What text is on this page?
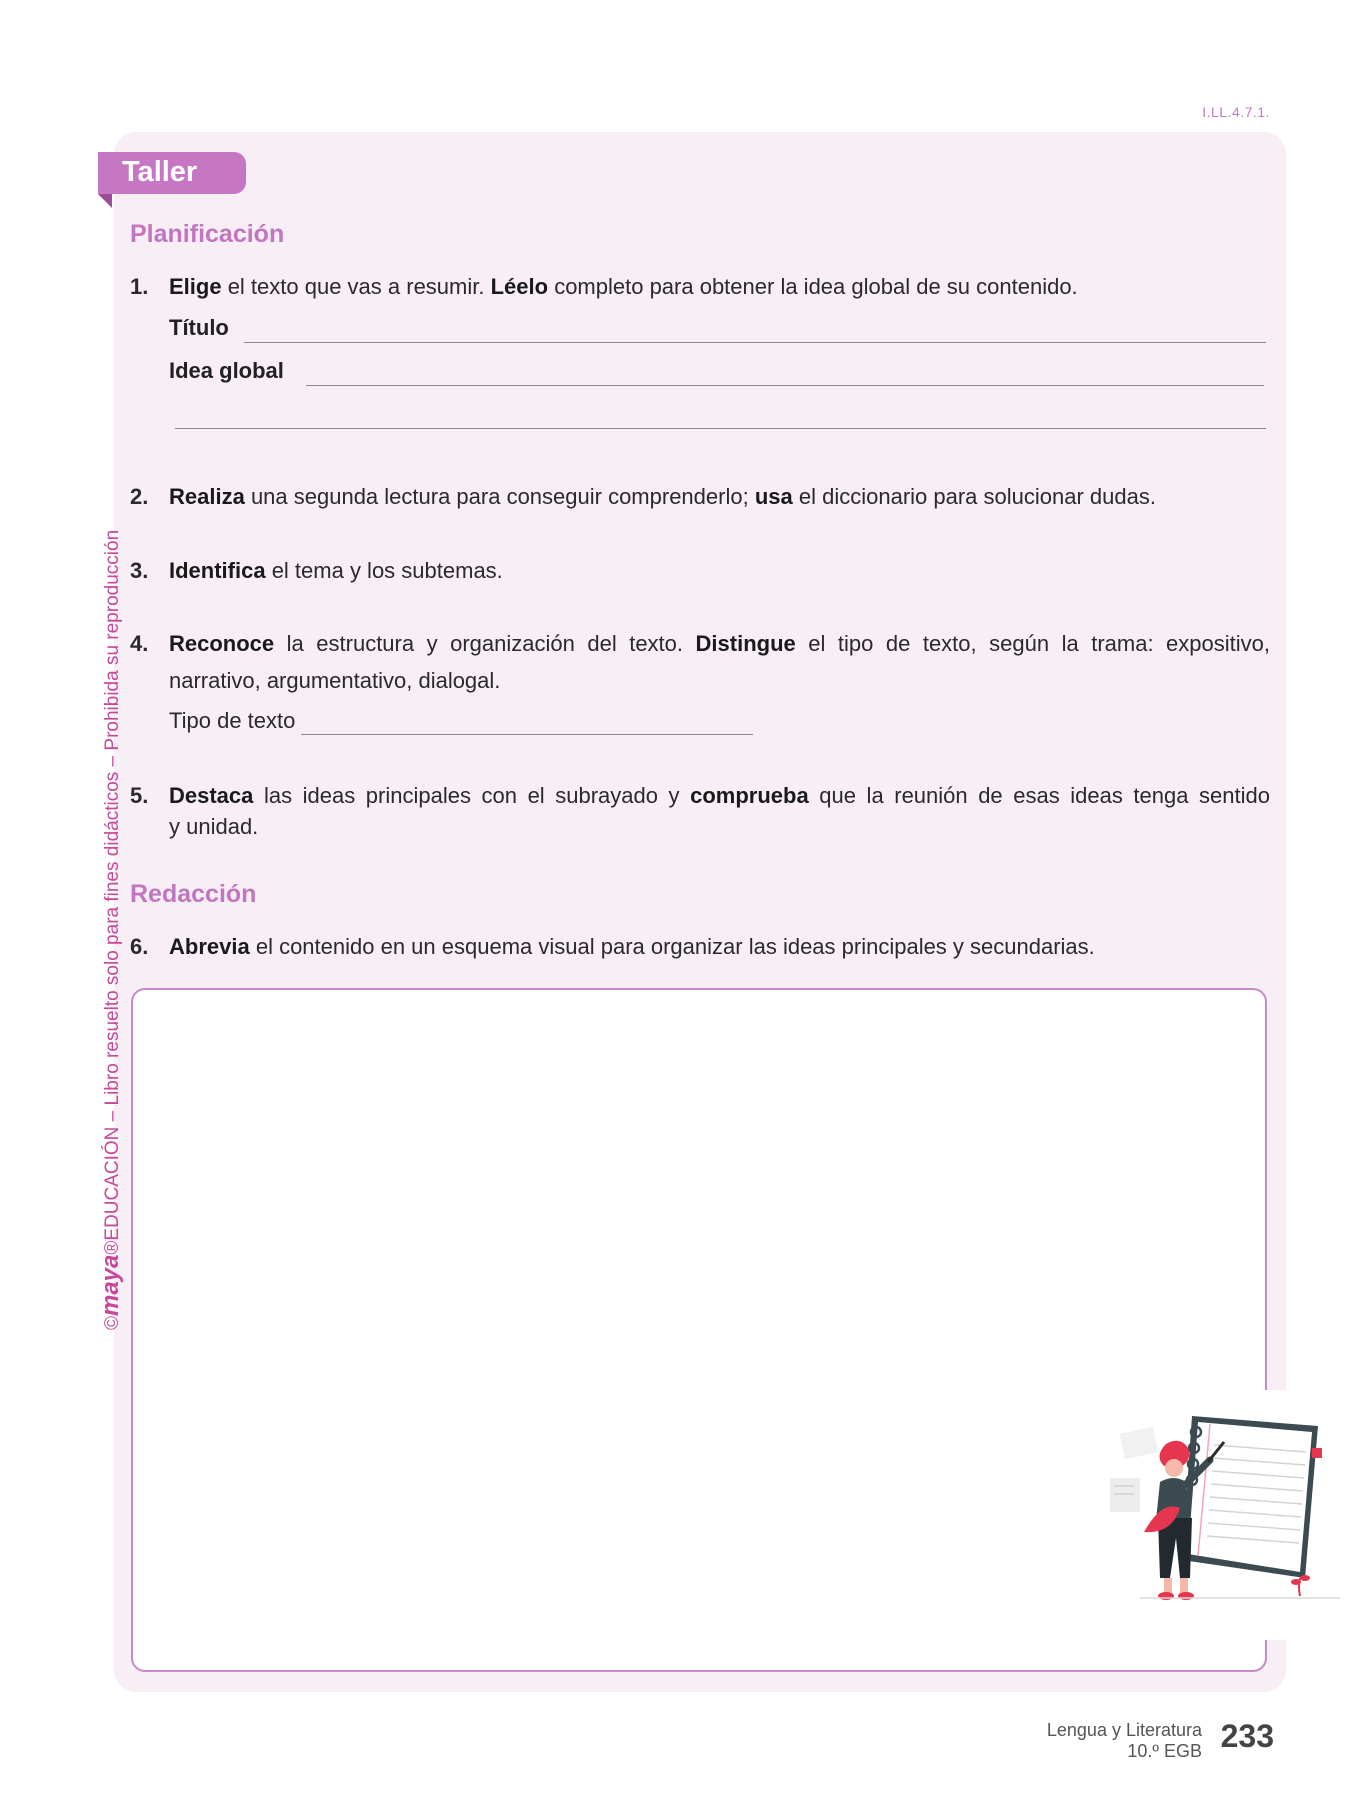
I.LL.4.7.1.
Taller
Planificación
1. Elige el texto que vas a resumir. Léelo completo para obtener la idea global de su contenido.
Título
Idea global
2. Realiza una segunda lectura para conseguir comprenderlo; usa el diccionario para solucionar dudas.
3. Identifica el tema y los subtemas.
4. Reconoce la estructura y organización del texto. Distingue el tipo de texto, según la trama: expositivo,
narrativo, argumentativo, dialogal.
Tipo de texto
5. Destaca las ideas principales con el subrayado y comprueba que la reunión de esas ideas tenga sentido
y unidad.
Redacción
6. Abrevia el contenido en un esquema visual para organizar las ideas principales y secundarias.
©maya®EDUCACIÓN – Libro resuelto solo para fines didácticos – Prohibida su reproducción
Lengua y Literatura
10.º EGB 233
